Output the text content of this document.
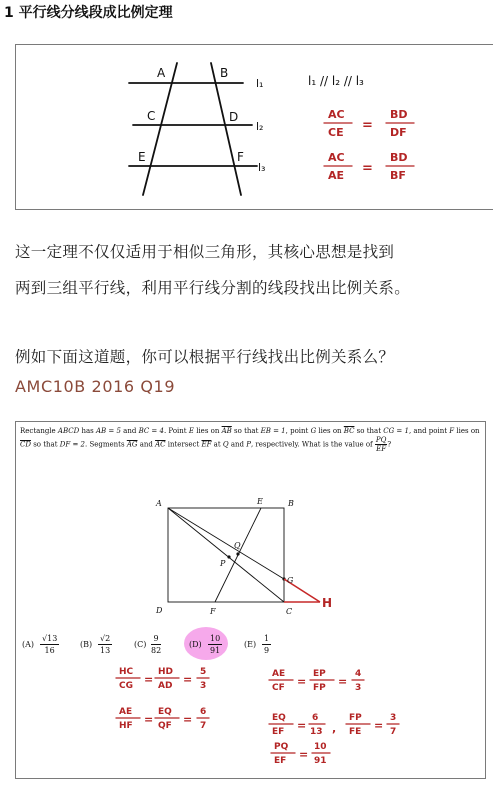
1 平行线分线段成比例定理
A	B
C	D
E	F
l₁
l₂
l₃
l₁ // l₂ // l₃
AC
CE =
BD
DF
AC
AE =
BD
BF
这一定理不仅仅适用于相似三角形，其核心思想是找到
两到三组平行线，利用平行线分割的线段找出比例关系。
例如下面这道题，你可以根据平行线找出比例关系么？
AMC10B 2016 Q19
Rectangle ABCD has AB = 5 and BC = 4. Point E lies on $\overline{AB}$ so that EB = 1, point G lies on $\overline{BC}$ so that CG = 1, and point F lies on $\overline{CD}$ so that DF = 2. Segments $\overline{AG}$ and $\overline{AC}$ intersect $\overline{EF}$ at Q and P, respectively. What is the value of $\frac{PQ}{EF}$ ?
A	E	B
Q
P
G
D	F	C
H
HC
CG =
HD
AD =
5
3
AE
HF =
EQ
QF =
6
7
AE
CF =
EP
FP =
4
3
EQ
EF =
6
13 ,
FP
FE =
3
7
PQ
EF =
10
91
$(A) \frac{√13}{16}$	$(B) \frac{√2}{13}$	$(C) \frac{9}{82}$	$(D) \frac{10}{91}$	$(E) \frac{1}{9}$
